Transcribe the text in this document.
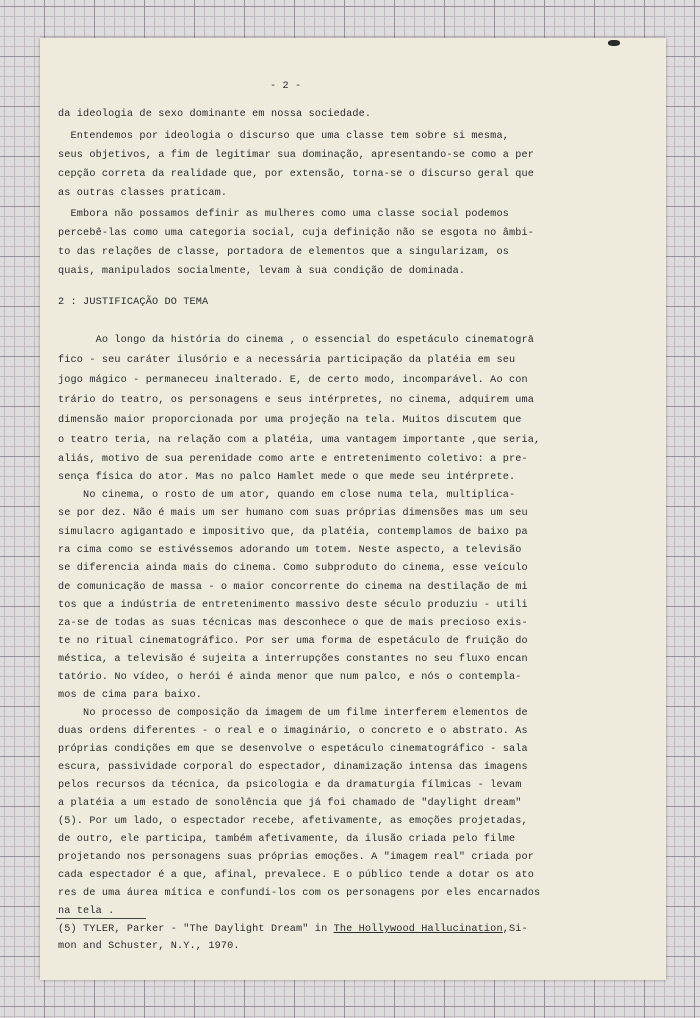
- 2 -
da ideologia de sexo dominante em nossa sociedade.
Entendemos por ideologia o discurso que uma classe tem sobre si mesma,
seus objetivos, a fim de legitimar sua dominação, apresentando-se como a per
cepção correta da realidade que, por extensão, torna-se o discurso geral que
as outras classes praticam.
Embora não possamos definir as mulheres como uma classe social podemos
percebê-las como uma categoria social, cuja definição não se esgota no âmbi-
to das relações de classe, portadora de elementos que a singularizam, os
quais, manipulados socialmente, levam à sua condição de dominada.
2 : JUSTIFICAÇÃO DO TEMA
Ao longo da história do cinema , o essencial do espetáculo cinematogrā
fico - seu caráter ilusório e a necessária participação da platéia em seu
jogo mágico - permaneceu inalterado. E, de certo modo, incomparável. Ao con
trário do teatro, os personagens e seus intérpretes, no cinema, adquirem uma
dimensão maior proporcionada por uma projeção na tela. Muitos discutem que
o teatro teria, na relação com a platéia, uma vantagem importante ,que seria,
aliás, motivo de sua perenidade como arte e entretenimento coletivo: a pre-
sença física do ator. Mas no palco Hamlet mede o que mede seu intérprete.
No cinema, o rosto de um ator, quando em close numa tela, multiplica-
se por dez. Não é mais um ser humano com suas próprias dimensões mas um seu
simulacro agigantado e impositivo que, da platéia, contemplamos de baixo pa
ra cima como se estivéssemos adorando um totem. Neste aspecto, a televisão
se diferencia ainda mais do cinema. Como subproduto do cinema, esse veículo
de comunicação de massa - o maior concorrente do cinema na destilação de mi
tos que a indústria de entretenimento massivo deste século produziu - utili
za-se de todas as suas técnicas mas desconhece o que de mais precioso exis-
te no ritual cinematográfico. Por ser uma forma de espetáculo de fruição do
méstica, a televisão é sujeita a interrupções constantes no seu fluxo encan
tatório. No vídeo, o herói é ainda menor que num palco, e nós o contempla-
mos de cima para baixo.
No processo de composição da imagem de um filme interferem elementos de
duas ordens diferentes - o real e o imaginário, o concreto e o abstrato. As
próprias condições em que se desenvolve o espetáculo cinematográfico - sala
escura, passividade corporal do espectador, dinamização intensa das imagens
pelos recursos da técnica, da psicologia e da dramaturgia fílmicas - levam
a platéia a um estado de sonolência que já foi chamado de "daylight dream"
(5). Por um lado, o espectador recebe, afetivamente, as emoções projetadas,
de outro, ele participa, também afetivamente, da ilusão criada pelo filme
projetando nos personagens suas próprias emoções. A "imagem real" criada por
cada espectador é a que, afinal, prevalece. E o público tende a dotar os ato
res de uma áurea mítica e confundi-los com os personagens por eles encarnados
na tela .
(5) TYLER, Parker - "The Daylight Dream" in The Hollywood Hallucination,Si-
mon and Schuster, N.Y., 1970.
